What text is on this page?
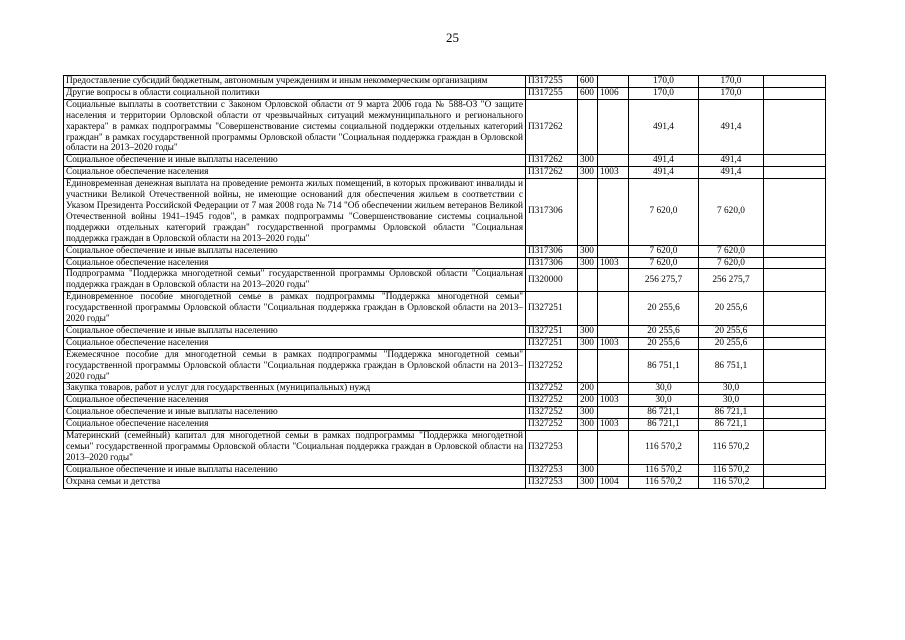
25
Предоставление субсидий бюджетным, автономным учреждениям и иным некоммерческим организациям	П317255	600		170,0	170,0	
Другие вопросы в области социальной политики	П317255	600	1006	170,0	170,0	
Социальные выплаты в соответствии с Законом Орловской области от 9 марта 2006 года № 588-ОЗ "О защите населения и территории Орловской области от чрезвычайных ситуаций межмуниципального и регионального характера" в рамках подпрограммы "Совершенствование системы социальной поддержки отдельных категорий граждан" в рамках государственной программы Орловской области "Социальная поддержка граждан в Орловской области на 2013–2020 годы"	П317262			491,4	491,4	
Социальное обеспечение и иные выплаты населению	П317262	300		491,4	491,4	
Социальное обеспечение населения	П317262	300	1003	491,4	491,4	
Единовременная денежная выплата на проведение ремонта жилых помещений, в которых проживают инвалиды и участники Великой Отечественной войны, не имеющие оснований для обеспечения жильем в соответствии с Указом Президента Российской Федерации от 7 мая 2008 года № 714 "Об обеспечении жильем ветеранов Великой Отечественной войны 1941–1945 годов", в рамках подпрограммы "Совершенствование системы социальной поддержки отдельных категорий граждан" государственной программы Орловской области "Социальная поддержка граждан в Орловской области на 2013–2020 годы"	П317306			7 620,0	7 620,0	
Социальное обеспечение и иные выплаты населению	П317306	300		7 620,0	7 620,0	
Социальное обеспечение населения	П317306	300	1003	7 620,0	7 620,0	
Подпрограмма "Поддержка многодетной семьи" государственной программы Орловской области "Социальная поддержка граждан в Орловской области на 2013–2020 годы"	П320000			256 275,7	256 275,7	
Единовременное пособие многодетной семье в рамках подпрограммы "Поддержка многодетной семьи" государственной программы Орловской области "Социальная поддержка граждан в Орловской области на 2013–2020 годы"	П327251			20 255,6	20 255,6	
Социальное обеспечение и иные выплаты населению	П327251	300		20 255,6	20 255,6	
Социальное обеспечение населения	П327251	300	1003	20 255,6	20 255,6	
Ежемесячное пособие для многодетной семьи в рамках подпрограммы "Поддержка многодетной семьи" государственной программы Орловской области "Социальная поддержка граждан в Орловской области на 2013–2020 годы"	П327252			86 751,1	86 751,1	
Закупка товаров, работ и услуг для государственных (муниципальных) нужд	П327252	200		30,0	30,0	
Социальное обеспечение населения	П327252	200	1003	30,0	30,0	
Социальное обеспечение и иные выплаты населению	П327252	300		86 721,1	86 721,1	
Социальное обеспечение населения	П327252	300	1003	86 721,1	86 721,1	
Материнский (семейный) капитал для многодетной семьи в рамках подпрограммы "Поддержка многодетной семьи" государственной программы Орловской области "Социальная поддержка граждан в Орловской области на 2013–2020 годы"	П327253			116 570,2	116 570,2	
Социальное обеспечение и иные выплаты населению	П327253	300		116 570,2	116 570,2	
Охрана семьи и детства	П327253	300	1004	116 570,2	116 570,2	
